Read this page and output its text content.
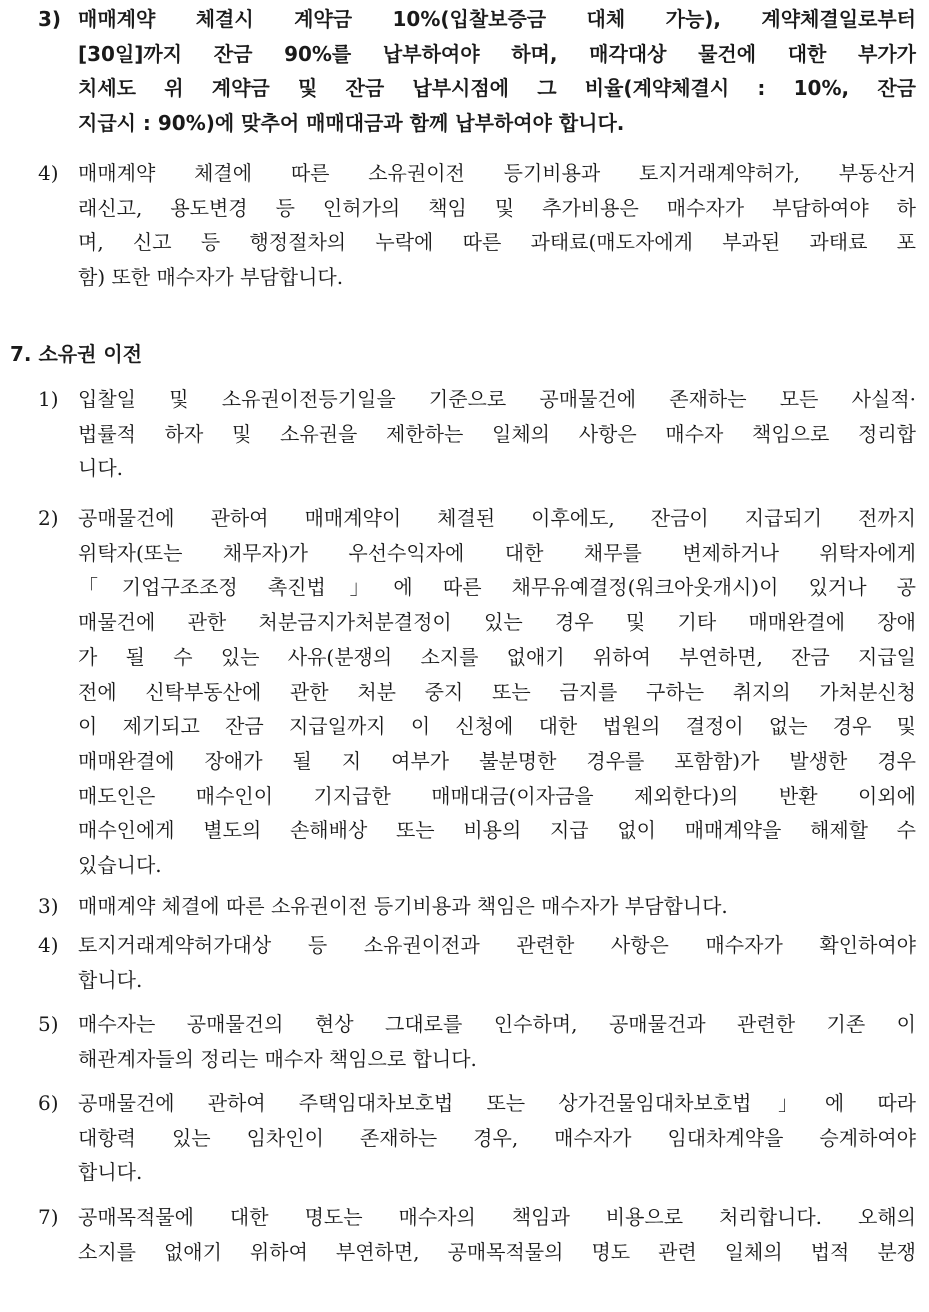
3) 매매계약 체결시 계약금 10%(입찰보증금 대체 가능), 계약체결일로부터
[30일]까지 잔금 90%를 납부하여야 하며, 매각대상 물건에 대한 부가가
치세도 위 계약금 및 잔금 납부시점에 그 비율(계약체결시 : 10%, 잔금
지급시 : 90%)에 맞추어 매매대금과 함께 납부하여야 합니다.
4) 매매계약 체결에 따른 소유권이전 등기비용과 토지거래계약허가, 부동산거
래신고, 용도변경 등 인허가의 책임 및 추가비용은 매수자가 부담하여야 하
며, 신고 등 행정절차의 누락에 따른 과태료(매도자에게 부과된 과태료 포
함) 또한 매수자가 부담합니다.
7. 소유권 이전
1) 입찰일 및 소유권이전등기일을 기준으로 공매물건에 존재하는 모든 사실적·
법률적 하자 및 소유권을 제한하는 일체의 사항은 매수자 책임으로 정리합
니다.
2) 공매물건에 관하여 매매계약이 체결된 이후에도, 잔금이 지급되기 전까지
위탁자(또는 채무자)가 우선수익자에 대한 채무를 변제하거나 위탁자에게
「기업구조조정 촉진법」에 따른 채무유예결정(워크아웃개시)이 있거나 공
매물건에 관한 처분금지가처분결정이 있는 경우 및 기타 매매완결에 장애
가 될 수 있는 사유(분쟁의 소지를 없애기 위하여 부연하면, 잔금 지급일
전에 신탁부동산에 관한 처분 중지 또는 금지를 구하는 취지의 가처분신청
이 제기되고 잔금 지급일까지 이 신청에 대한 법원의 결정이 없는 경우 및
매매완결에 장애가 될 지 여부가 불분명한 경우를 포함함)가 발생한 경우
매도인은 매수인이 기지급한 매매대금(이자금을 제외한다)의 반환 이외에
매수인에게 별도의 손해배상 또는 비용의 지급 없이 매매계약을 해제할 수
있습니다.
3) 매매계약 체결에 따른 소유권이전 등기비용과 책임은 매수자가 부담합니다.
4) 토지거래계약허가대상 등 소유권이전과 관련한 사항은 매수자가 확인하여야
합니다.
5) 매수자는 공매물건의 현상 그대로를 인수하며, 공매물건과 관련한 기존 이
해관계자들의 정리는 매수자 책임으로 합니다.
6) 공매물건에 관하여 주택임대차보호법 또는 상가건물임대차보호법」에 따라
대항력 있는 임차인이 존재하는 경우, 매수자가 임대차계약을 승계하여야
합니다.
7) 공매목적물에 대한 명도는 매수자의 책임과 비용으로 처리합니다. 오해의
소지를 없애기 위하여 부연하면, 공매목적물의 명도 관련 일체의 법적 분쟁
